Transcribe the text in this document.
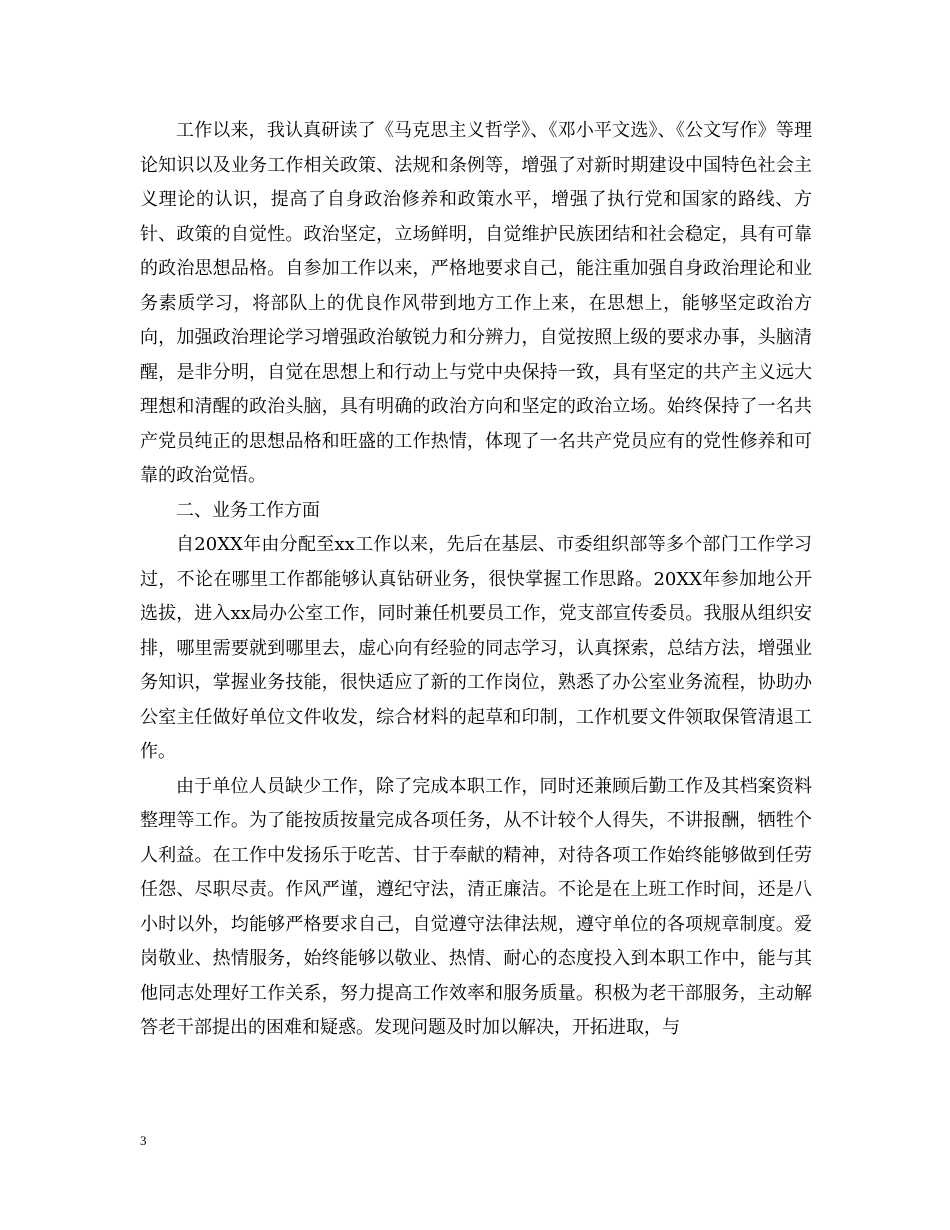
工作以来，我认真研读了《马克思主义哲学》、《邓小平文选》、《公文写作》等理论知识以及业务工作相关政策、法规和条例等，增强了对新时期建设中国特色社会主义理论的认识，提高了自身政治修养和政策水平，增强了执行党和国家的路线、方针、政策的自觉性。政治坚定，立场鲜明，自觉维护民族团结和社会稳定，具有可靠的政治思想品格。自参加工作以来，严格地要求自己，能注重加强自身政治理论和业务素质学习，将部队上的优良作风带到地方工作上来，在思想上，能够坚定政治方向，加强政治理论学习增强政治敏锐力和分辨力，自觉按照上级的要求办事，头脑清醒，是非分明，自觉在思想上和行动上与党中央保持一致，具有坚定的共产主义远大理想和清醒的政治头脑，具有明确的政治方向和坚定的政治立场。始终保持了一名共产党员纯正的思想品格和旺盛的工作热情，体现了一名共产党员应有的党性修养和可靠的政治觉悟。

二、业务工作方面

自20XX年由分配至xx工作以来，先后在基层、市委组织部等多个部门工作学习过，不论在哪里工作都能够认真钻研业务，很快掌握工作思路。20XX年参加地公开选拔，进入xx局办公室工作，同时兼任机要员工作，党支部宣传委员。我服从组织安排，哪里需要就到哪里去，虚心向有经验的同志学习，认真探索，总结方法，增强业务知识，掌握业务技能，很快适应了新的工作岗位，熟悉了办公室业务流程，协助办公室主任做好单位文件收发，综合材料的起草和印制，工作机要文件领取保管清退工作。

由于单位人员缺少工作，除了完成本职工作，同时还兼顾后勤工作及其档案资料整理等工作。为了能按质按量完成各项任务，从不计较个人得失，不讲报酬，牺牲个人利益。在工作中发扬乐于吃苦、甘于奉献的精神，对待各项工作始终能够做到任劳任怨、尽职尽责。作风严谨，遵纪守法，清正廉洁。不论是在上班工作时间，还是八小时以外，均能够严格要求自己，自觉遵守法律法规，遵守单位的各项规章制度。爱岗敬业、热情服务，始终能够以敬业、热情、耐心的态度投入到本职工作中，能与其他同志处理好工作关系，努力提高工作效率和服务质量。积极为老干部服务，主动解答老干部提出的困难和疑惑。发现问题及时加以解决，开拓进取，与

3
